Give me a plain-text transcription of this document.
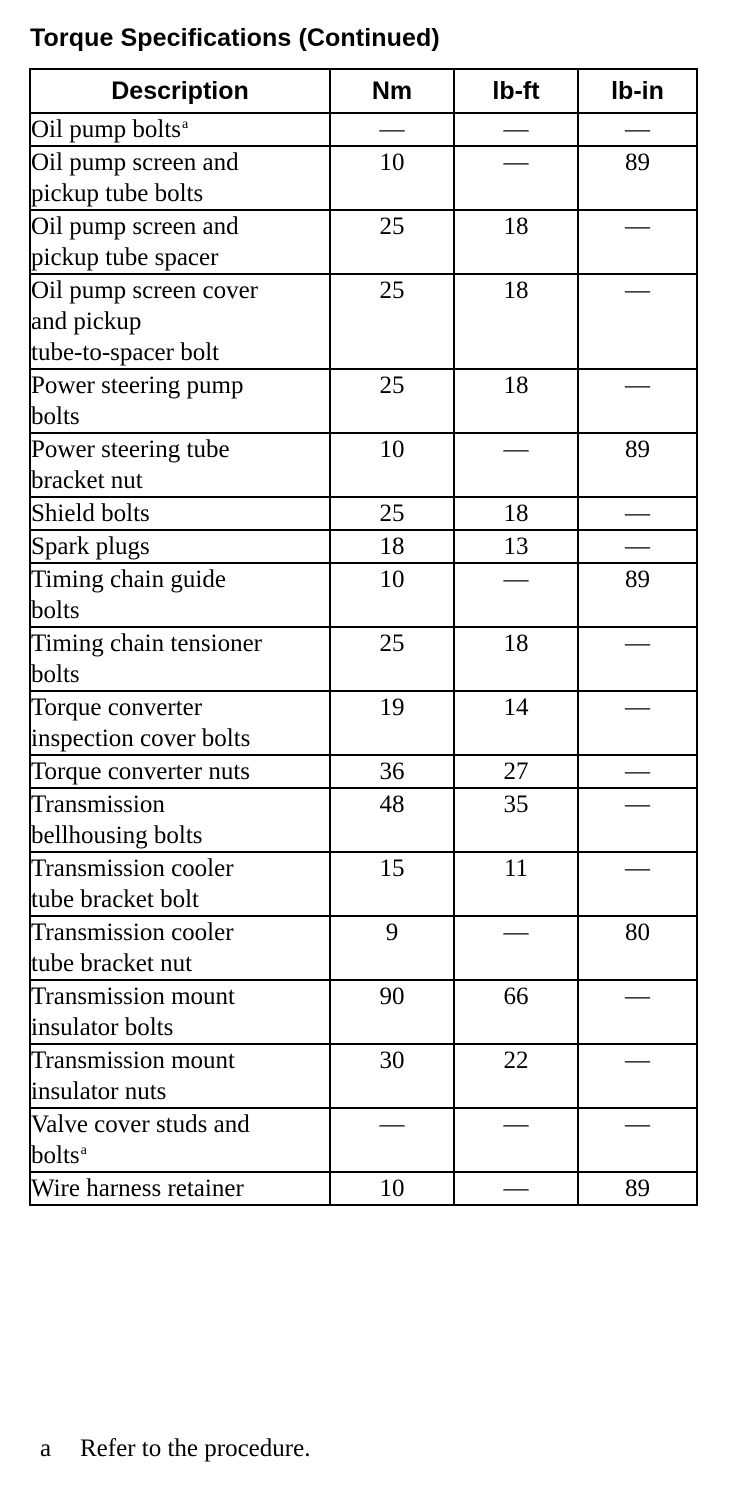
Torque Specifications (Continued)
Description	Nm	lb-ft	lb-in
Oil pump bolts$^a$	—	—	—
Oil pump screen and
pickup tube bolts	10	—	89
Oil pump screen and
pickup tube spacer	25	18	—
Oil pump screen cover
and pickup
tube-to-spacer bolt	25	18	—
Power steering pump
bolts	25	18	—
Power steering tube
bracket nut	10	—	89
Shield bolts	25	18	—
Spark plugs	18	13	—
Timing chain guide
bolts	10	—	89
Timing chain tensioner
bolts	25	18	—
Torque converter
inspection cover bolts	19	14	—
Torque converter nuts	36	27	—
Transmission
bellhousing bolts	48	35	—
Transmission cooler
tube bracket bolt	15	11	—
Transmission cooler
tube bracket nut	9	—	80
Transmission mount
insulator bolts	90	66	—
Transmission mount
insulator nuts	30	22	—
Valve cover studs and
bolts$^a$	—	—	—
Wire harness retainer	10	—	89
a Refer to the procedure.
